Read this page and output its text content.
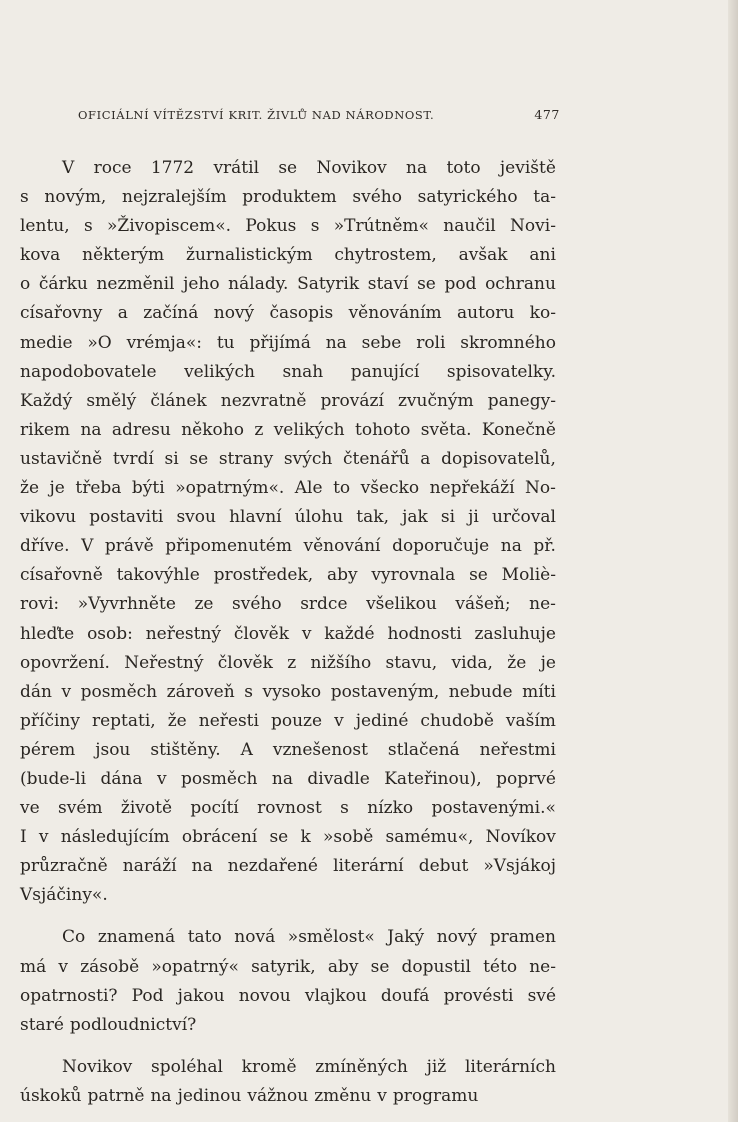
OFICIÁLNÍ VÍTĚZSTVÍ KRIT. ŽIVLŮ NAD NÁRODNOST.	477
V roce 1772 vrátil se Novikov na toto jeviště
s novým, nejzralejším produktem svého satyrického ta-
lentu, s »Živopiscem«. Pokus s »Trútněm« naučil Novi-
kova některým žurnalistickým chytrostem, avšak ani
o čárku nezměnil jeho nálady. Satyrik staví se pod ochranu
císařovny a začíná nový časopis věnováním autoru ko-
medie »O vrémja«: tu přijímá na sebe roli skromného
napodobovatele velikých snah panující spisovatelky.
Každý smělý článek nezvratně provází zvučným panegy-
rikem na adresu někoho z velikých tohoto světa. Konečně
ustavičně tvrdí si se strany svých čtenářů a dopisovatelů,
že je třeba býti »opatrným«. Ale to všecko nepřekáží No-
vikovu postaviti svou hlavní úlohu tak, jak si ji určoval
dříve. V právě připomenutém věnování doporučuje na př.
císařovně takovýhle prostředek, aby vyrovnala se Moliè-
rovi: »Vyvrhněte ze svého srdce všelikou vášeň; ne-
hleďte osob: neřestný člověk v každé hodnosti zasluhuje
opovržení. Neřestný člověk z nižšího stavu, vida, že je
dán v posměch zároveň s vysoko postaveným, nebude míti
příčiny reptati, že neřesti pouze v jediné chudobě vaším
pérem jsou stištěny. A vznešenost stlačená neřestmi
(bude-li dána v posměch na divadle Kateřinou), poprvé
ve svém životě pocítí rovnost s nízko postavenými.«
I v následujícím obrácení se k »sobě samému«, Novíkov
průzračně naráží na nezdařené literární debut »Vsjákoj
Vsjáčiny«.
Co znamená tato nová »smělost« Jaký nový pramen
má v zásobě »opatrný« satyrik, aby se dopustil této ne-
opatrnosti? Pod jakou novou vlajkou doufá provésti své
staré podloudnictví?
Novikov spoléhal kromě zmíněných již literárních
úskoků patrně na jedinou vážnou změnu v programu
